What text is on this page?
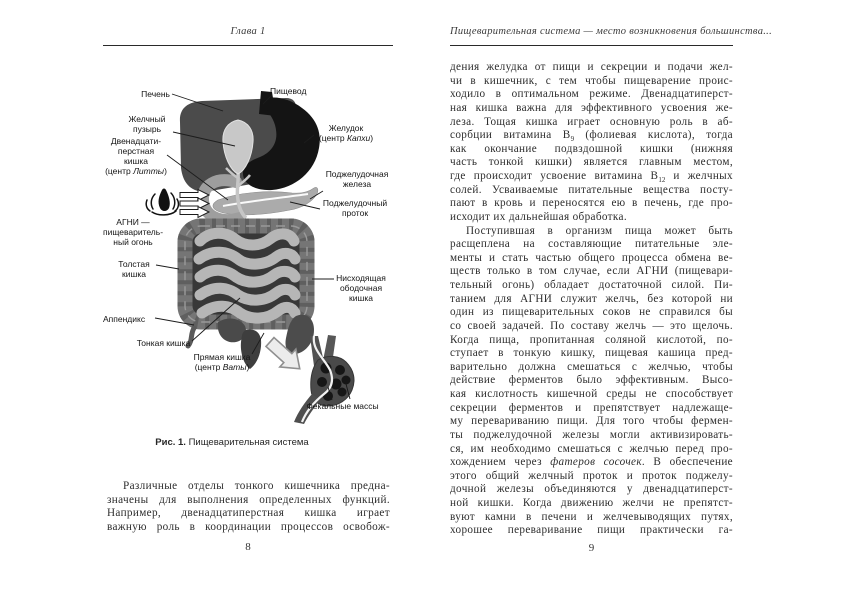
Глава 1
Печень
Желчный
пузырь
Двенадцати-
перстная
кишка
(центр Литты)
АГНИ —
пищеваритель-
ный огонь
Толстая
кишка
Аппендикс
Тонкая кишка
Прямая кишка
(центр Ваты)
Пищевод
Желудок
(центр Капхи)
Поджелудочная
железа
Поджелудочный
проток
Нисходящая
ободочная
кишка
Фекальные массы
Рис. 1. Пищеварительная система
Различные отделы тонкого кишечника предна-
значены для выполнения определенных функций.
Например, двенадцатиперстная кишка играет
важную роль в координации процессов освобож-
8
Пищеварительная система — место возникновения большинства...
дения желудка от пищи и секреции и подачи жел-
чи в кишечник, с тем чтобы пищеварение проис-
ходило в оптимальном режиме. Двенадцатиперст-
ная кишка важна для эффективного усвоения же-
леза. Тощая кишка играет основную роль в аб-
сорбции витамина $B_9$ (фолиевая кислота), тогда
как окончание подвздошной кишки (нижняя
часть тонкой кишки) является главным местом,
где происходит усвоение витамина $B_{12}$ и желчных
солей. Усваиваемые питательные вещества посту-
пают в кровь и переносятся ею в печень, где про-
исходит их дальнейшая обработка.
Поступившая в организм пища может быть
расщеплена на составляющие питательные эле-
менты и стать частью общего процесса обмена ве-
ществ только в том случае, если АГНИ (пищевари-
тельный огонь) обладает достаточной силой. Пи-
танием для АГНИ служит желчь, без которой ни
один из пищеварительных соков не справился бы
со своей задачей. По составу желчь — это щелочь.
Когда пища, пропитанная соляной кислотой, по-
ступает в тонкую кишку, пищевая кашица пред-
варительно должна смешаться с желчью, чтобы
действие ферментов было эффективным. Высо-
кая кислотность кишечной среды не способствует
секреции ферментов и препятствует надлежаще-
му перевариванию пищи. Для того чтобы фермен-
ты поджелудочной железы могли активизировать-
ся, им необходимо смешаться с желчью перед про-
хождением через фатеров сосочек. В обеспечение
этого общий желчный проток и проток поджелу-
дочной железы объединяются у двенадцатиперст-
ной кишки. Когда движению желчи не препятст-
вуют камни в печени и желчевыводящих путях,
хорошее переваривание пищи практически га-
9
